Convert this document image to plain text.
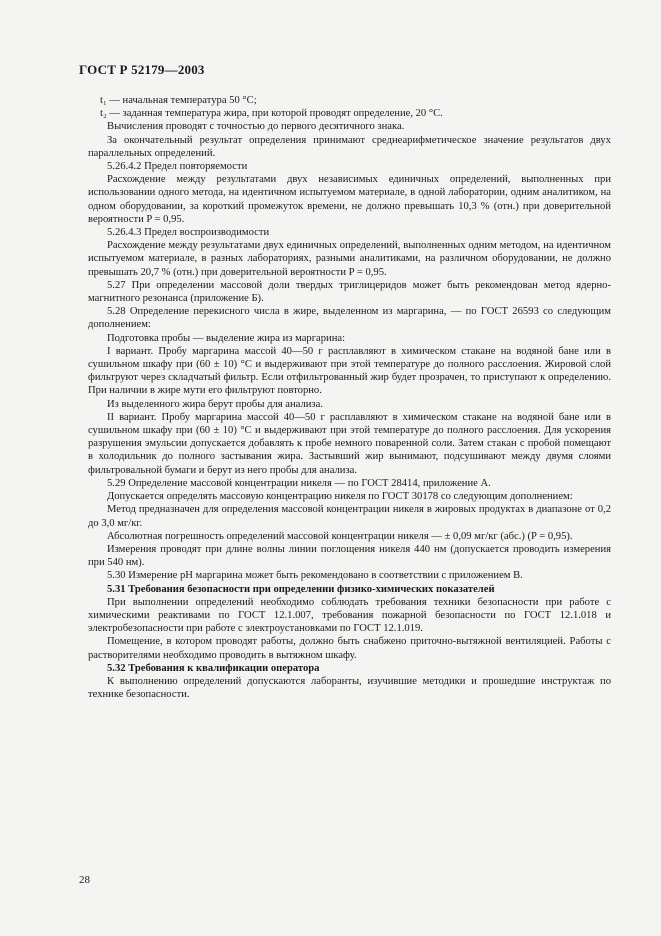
ГОСТ Р 52179—2003

t₁ — начальная температура 50 °С;

t₂ — заданная температура жира, при которой проводят определение, 20 °С.

Вычисления проводят с точностью до первого десятичного знака.

За окончательный результат определения принимают среднеарифметическое значение результатов двух параллельных определений.

5.26.4.2 Предел повторяемости

Расхождение между результатами двух независимых единичных определений, выполненных при использовании одного метода, на идентичном испытуемом материале, в одной лаборатории, одним аналитиком, на одном оборудовании, за короткий промежуток времени, не должно превышать 10,3 % (отн.) при доверительной вероятности P = 0,95.

5.26.4.3 Предел воспроизводимости

Расхождение между результатами двух единичных определений, выполненных одним методом, на идентичном испытуемом материале, в разных лабораториях, разными аналитиками, на различном оборудовании, не должно превышать 20,7 % (отн.) при доверительной вероятности P = 0,95.

5.27 При определении массовой доли твердых триглицеридов может быть рекомендован метод ядерно-магнитного резонанса (приложение Б).

5.28 Определение перекисного числа в жире, выделенном из маргарина, — по ГОСТ 26593 со следующим дополнением:

Подготовка пробы — выделение жира из маргарина:

I вариант. Пробу маргарина массой 40—50 г расплавляют в химическом стакане на водяной бане или в сушильном шкафу при (60 ± 10) °С и выдерживают при этой температуре до полного расслоения. Жировой слой фильтруют через складчатый фильтр. Если отфильтрованный жир будет прозрачен, то приступают к определению. При наличии в жире мути его фильтруют повторно.

Из выделенного жира берут пробы для анализа.

II вариант. Пробу маргарина массой 40—50 г расплавляют в химическом стакане на водяной бане или в сушильном шкафу при (60 ± 10) °С и выдерживают при этой температуре до полного расслоения. Для ускорения разрушения эмульсии допускается добавлять к пробе немного поваренной соли. Затем стакан с пробой помещают в холодильник до полного застывания жира. Застывший жир вынимают, подсушивают между двумя слоями фильтровальной бумаги и берут из него пробы для анализа.

5.29 Определение массовой концентрации никеля — по ГОСТ 28414, приложение А.

Допускается определять массовую концентрацию никеля по ГОСТ 30178 со следующим дополнением:

Метод предназначен для определения массовой концентрации никеля в жировых продуктах в диапазоне от 0,2 до 3,0 мг/кг.

Абсолютная погрешность определений массовой концентрации никеля — ± 0,09 мг/кг (абс.) (P = 0,95).

Измерения проводят при длине волны линии поглощения никеля 440 нм (допускается проводить измерения при 540 нм).

5.30 Измерение рН маргарина может быть рекомендовано в соответствии с приложением В.

5.31 Требования безопасности при определении физико-химических показателей

При выполнении определений необходимо соблюдать требования техники безопасности при работе с химическими реактивами по ГОСТ 12.1.007, требования пожарной безопасности по ГОСТ 12.1.018 и электробезопасности при работе с электроустановками по ГОСТ 12.1.019.

Помещение, в котором проводят работы, должно быть снабжено приточно-вытяжной вентиляцией. Работы с растворителями необходимо проводить в вытяжном шкафу.

5.32 Требования к квалификации оператора

К выполнению определений допускаются лаборанты, изучившие методики и прошедшие инструктаж по технике безопасности.

28
